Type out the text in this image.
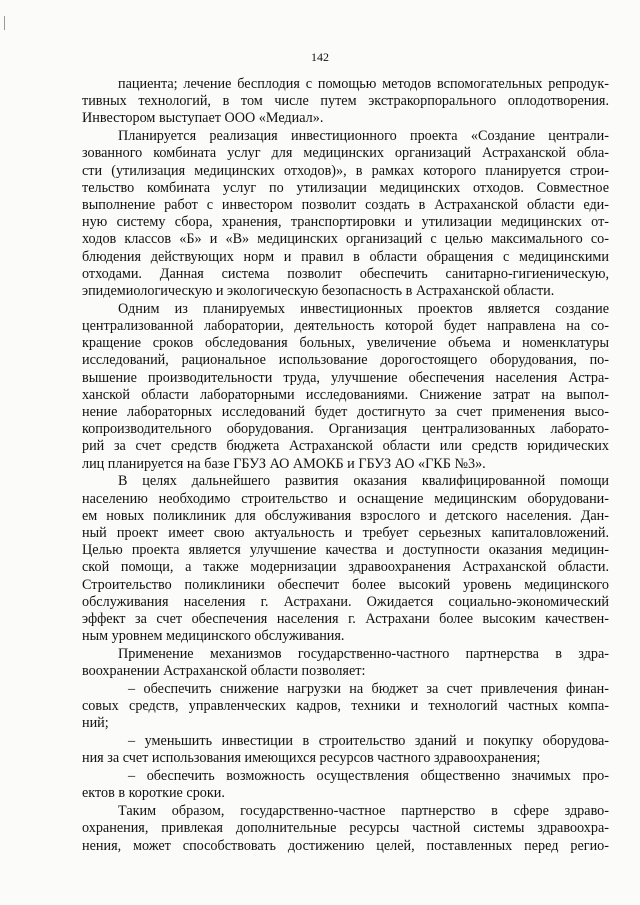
142
пациента; лечение бесплодия с помощью методов вспомогательных репродук-
тивных технологий, в том числе путем экстракорпорального оплодотворения.
Инвестором выступает ООО «Медиал».
Планируется реализация инвестиционного проекта «Создание централи-
зованного комбината услуг для медицинских организаций Астраханской обла-
сти (утилизация медицинских отходов)», в рамках которого планируется строи-
тельство комбината услуг по утилизации медицинских отходов. Совместное
выполнение работ с инвестором позволит создать в Астраханской области еди-
ную систему сбора, хранения, транспортировки и утилизации медицинских от-
ходов классов «Б» и «В» медицинских организаций с целью максимального со-
блюдения действующих норм и правил в области обращения с медицинскими
отходами. Данная система позволит обеспечить санитарно-гигиеническую,
эпидемиологическую и экологическую безопасность в Астраханской области.
Одним из планируемых инвестиционных проектов является создание
централизованной лаборатории, деятельность которой будет направлена на со-
кращение сроков обследования больных, увеличение объема и номенклатуры
исследований, рациональное использование дорогостоящего оборудования, по-
вышение производительности труда, улучшение обеспечения населения Астра-
ханской области лабораторными исследованиями. Снижение затрат на выпол-
нение лабораторных исследований будет достигнуто за счет применения высо-
копроизводительного оборудования. Организация централизованных лаборато-
рий за счет средств бюджета Астраханской области или средств юридических
лиц планируется на базе ГБУЗ АО АМОКБ и ГБУЗ АО «ГКБ №3».
В целях дальнейшего развития оказания квалифицированной помощи
населению необходимо строительство и оснащение медицинским оборудовани-
ем новых поликлиник для обслуживания взрослого и детского населения. Дан-
ный проект имеет свою актуальность и требует серьезных капиталовложений.
Целью проекта является улучшение качества и доступности оказания медицин-
ской помощи, а также модернизации здравоохранения Астраханской области.
Строительство поликлиники обеспечит более высокий уровень медицинского
обслуживания населения г. Астрахани. Ожидается социально-экономический
эффект за счет обеспечения населения г. Астрахани более высоким качествен-
ным уровнем медицинского обслуживания.
Применение механизмов государственно-частного партнерства в здра-
воохранении Астраханской области позволяет:
– обеспечить снижение нагрузки на бюджет за счет привлечения финан-
совых средств, управленческих кадров, техники и технологий частных компа-
ний;
– уменьшить инвестиции в строительство зданий и покупку оборудова-
ния за счет использования имеющихся ресурсов частного здравоохранения;
– обеспечить возможность осуществления общественно значимых про-
ектов в короткие сроки.
Таким образом, государственно-частное партнерство в сфере здраво-
охранения, привлекая дополнительные ресурсы частной системы здравоохра-
нения, может способствовать достижению целей, поставленных перед регио-
